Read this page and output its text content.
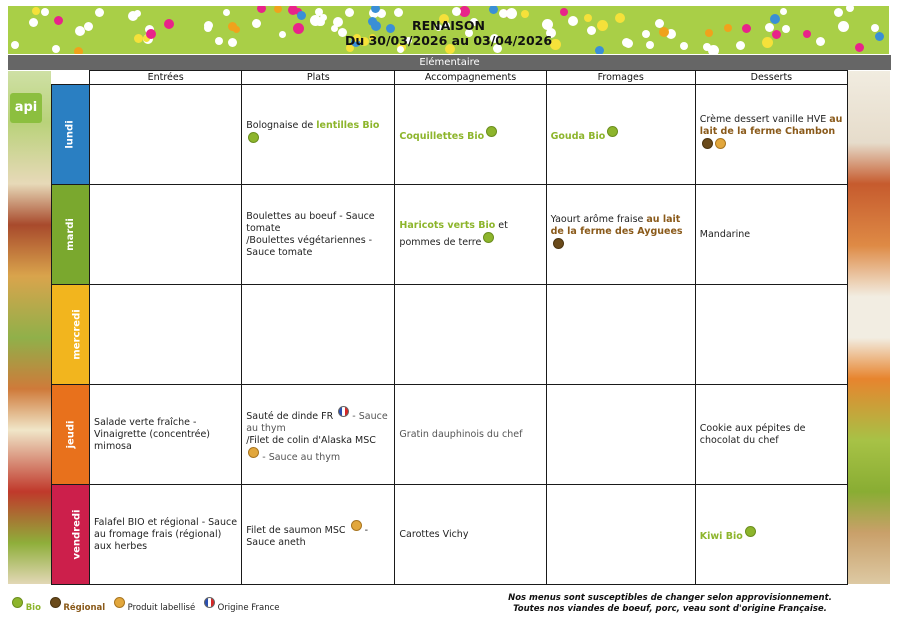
RENAISON
Du 30/03/2026 au 03/04/2026
Elémentaire
api
	Entrées	Plats	Accompagnements	Fromages	Desserts
lundi		Bolognaise de lentilles Bio	Coquillettes Bio	Gouda Bio	Crème dessert vanille HVE au lait de la ferme Chambon
mardi		Boulettes au boeuf - Sauce tomate
/Boulettes végétariennes - Sauce tomate	Haricots verts Bio et pommes de terre	Yaourt arôme fraise au lait de la ferme des Ayguees	Mandarine
mercredi					
jeudi	Salade verte fraîche - Vinaigrette (concentrée) mimosa	Sauté de dinde FR  - Sauce au thym
/Filet de colin d'Alaska MSC  - Sauce au thym	Gratin dauphinois du chef		Cookie aux pépites de chocolat du chef
vendredi	Falafel BIO et régional - Sauce au fromage frais (régional) aux herbes	Filet de saumon MSC  - Sauce aneth	Carottes Vichy		Kiwi Bio
Bio	Régional	Produit labellisé	Origine France
Nos menus sont susceptibles de changer selon approvisionnement.
Toutes nos viandes de boeuf, porc, veau sont d'origine Française.
